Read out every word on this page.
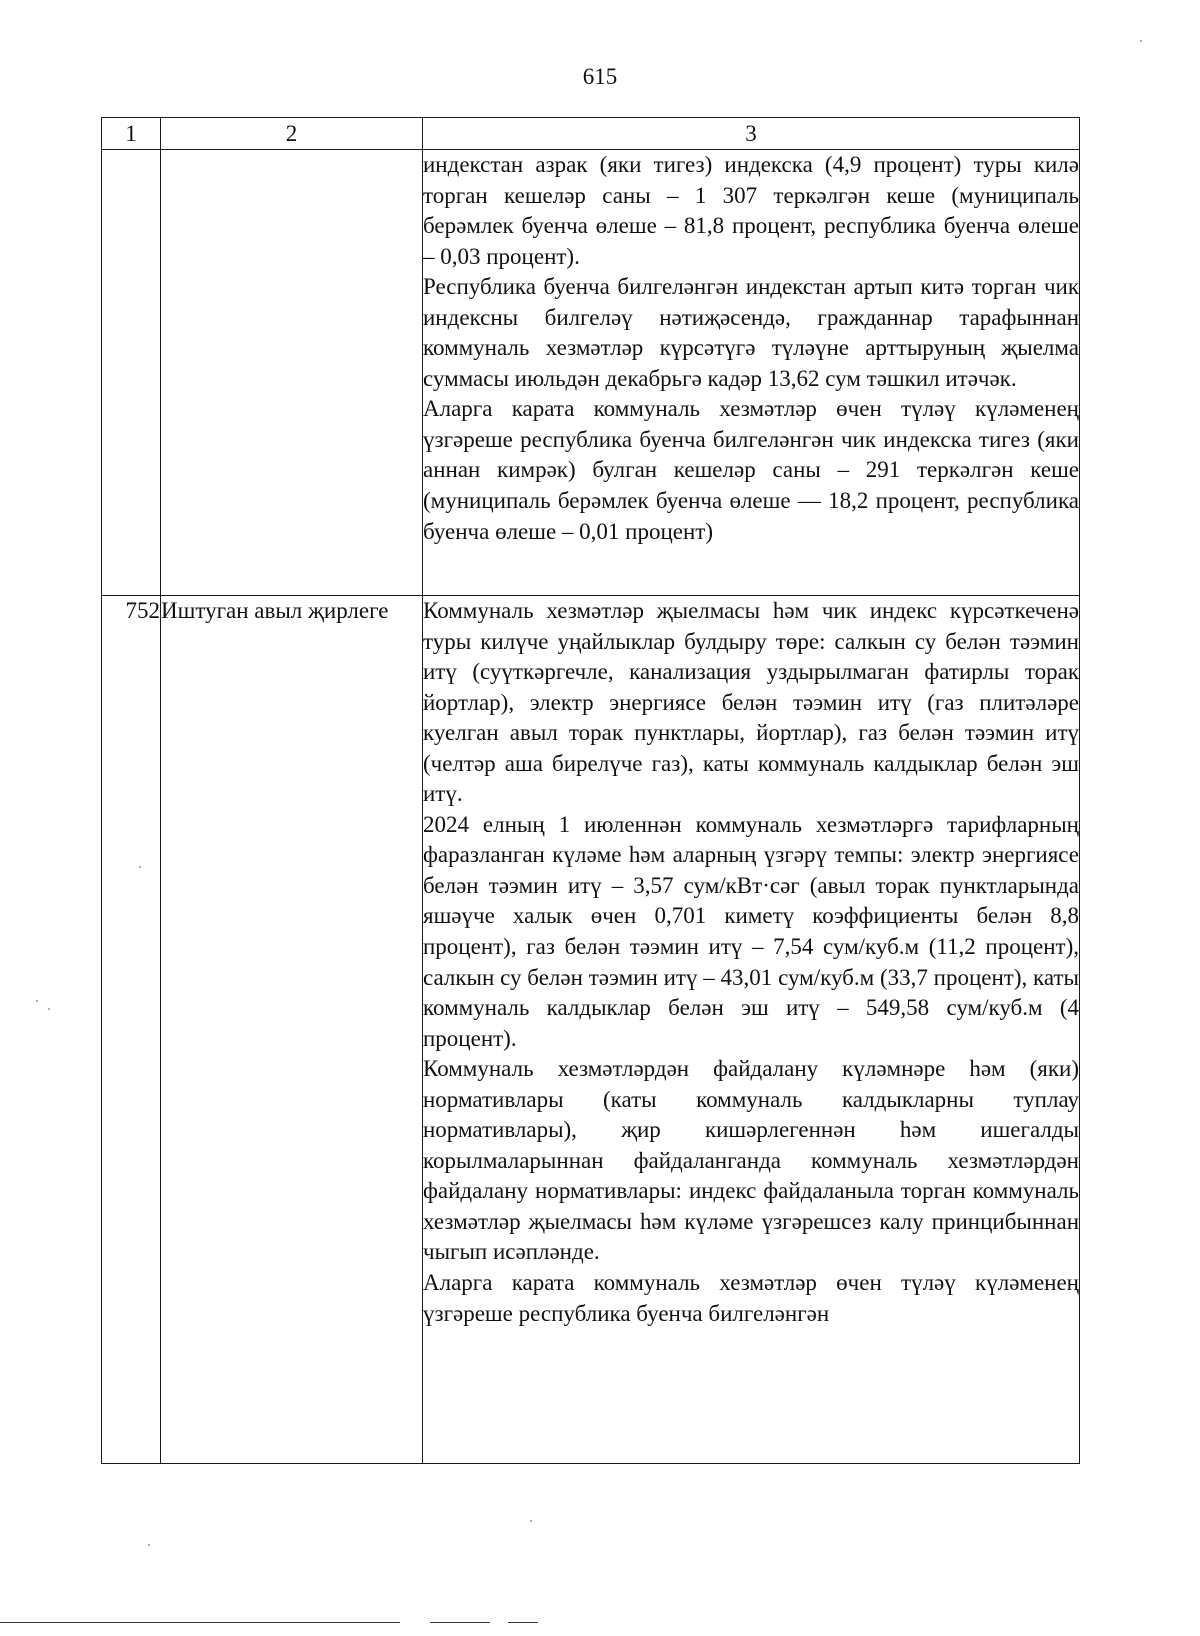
615
1	2	3

		индекстан азрак (яки тигез) индекска (4,9 процент) туры килә торган кешеләр саны – 1 307 теркәлгән кеше (муниципаль берәмлек буенча өлеше – 81,8 процент, республика буенча өлеше – 0,03 процент).

Республика буенча билгеләнгән индекстан артып китә торган чик индексны билгеләү нәтиҗәсендә, гражданнар тарафыннан коммуналь хезмәтләр күрсәтүгә түләүне арттыруның җыелма суммасы июльдән декабрьгә кадәр 13,62 сум тәшкил итәчәк.

Аларга карата коммуналь хезмәтләр өчен түләү күләменең үзгәреше республика буенча билгеләнгән чик индекска тигез (яки аннан кимрәк) булган кешеләр саны – 291 теркәлгән кеше (муниципаль берәмлек буенча өлеше — 18,2 процент, республика буенча өлеше – 0,01 процент)

752	Иштуган авыл җирлеге	Коммуналь хезмәтләр җыелмасы һәм чик индекс күрсәткеченә туры килүче уңайлыклар булдыру төре: салкын су белән тәэмин итү (суүткәргечле, канализация уздырылмаган фатирлы торак йортлар), электр энергиясе белән тәэмин итү (газ плитәләре куелган авыл торак пунктлары, йортлар), газ белән тәэмин итү (челтәр аша бирелүче газ), каты коммуналь калдыклар белән эш итү.

2024 елның 1 июленнән коммуналь хезмәтләргә тарифларның фаразланган күләме һәм аларның үзгәрү темпы: электр энергиясе белән тәэмин итү – 3,57 сум/кВт·сәг (авыл торак пунктларында яшәүче халык өчен 0,701 киметү коэффициенты белән 8,8 процент), газ белән тәэмин итү – 7,54 сум/куб.м (11,2 процент), салкын су белән тәэмин итү – 43,01 сум/куб.м (33,7 процент), каты коммуналь калдыклар белән эш итү – 549,58 сум/куб.м (4 процент).

Коммуналь хезмәтләрдән файдалану күләмнәре һәм (яки) нормативлары (каты коммуналь калдыкларны туплау нормативлары), җир кишәрлегеннән һәм ишегалды корылмаларыннан файдаланганда коммуналь хезмәтләрдән файдалану нормативлары: индекс файдаланыла торган коммуналь хезмәтләр җыелмасы һәм күләме үзгәрешсез калу принцибыннан чыгып исәпләнде.

Аларга карата коммуналь хезмәтләр өчен түләү күләменең үзгәреше республика буенча билгеләнгән
